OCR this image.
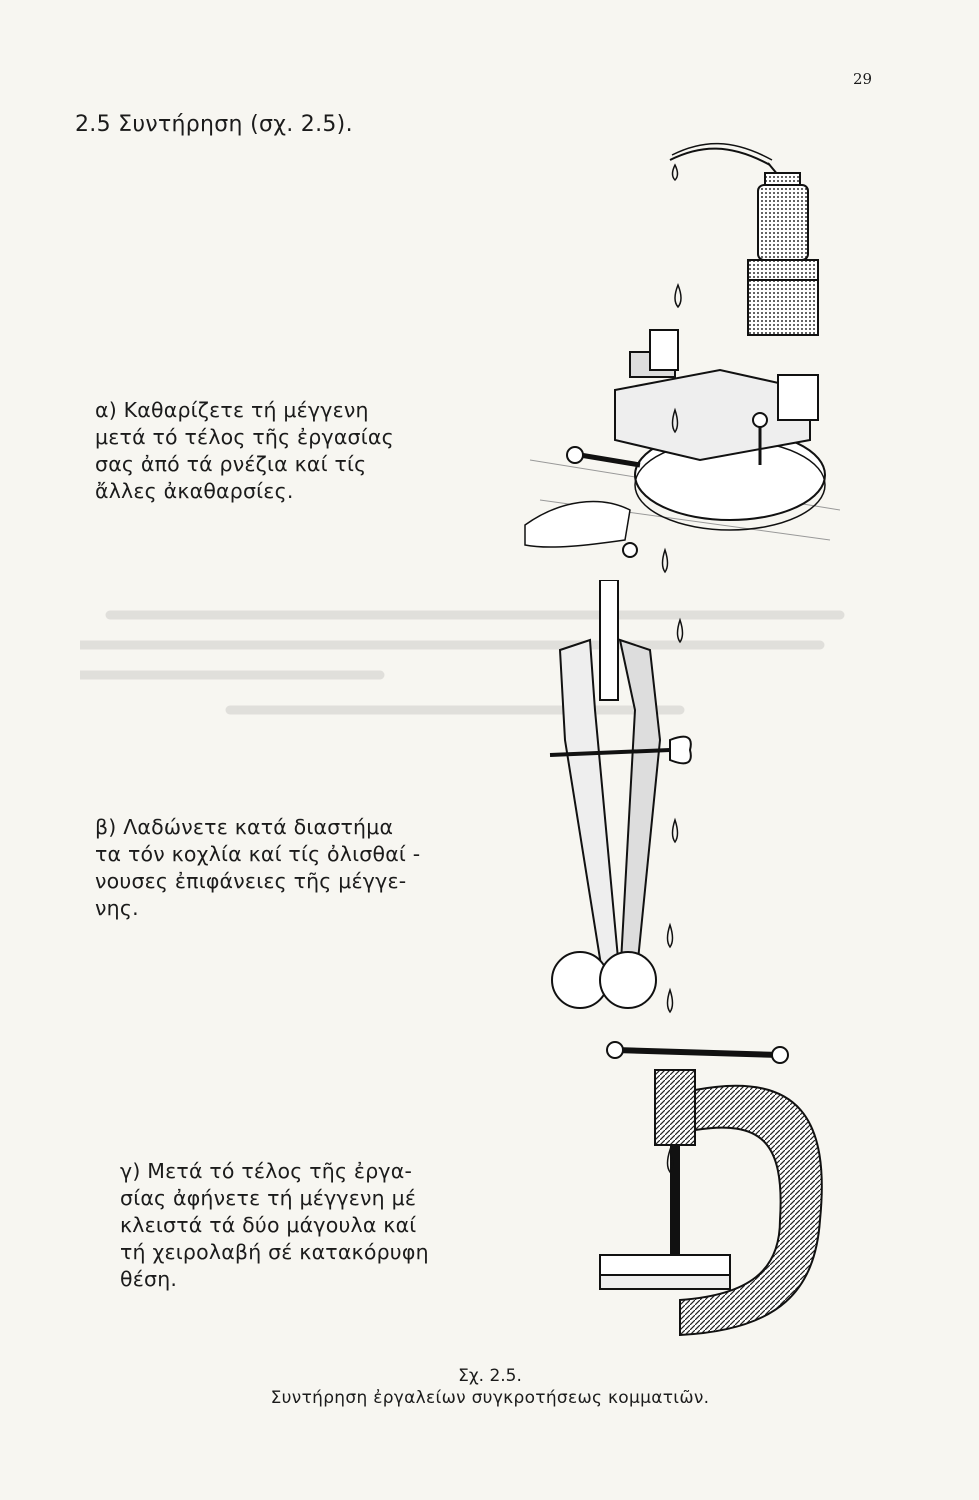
29
2.5 Συντήρηση (σχ. 2.5).
α) Καθαρίζετε τή μέγγενη
μετά τό τέλος τῆς ἐργασίας
σας ἀπό τά ρνέζια καί τίς
ἄλλες ἀκαθαρσίες.
β) Λαδώνετε κατά διαστήμα
τα τόν κοχλία καί τίς ὀλισθαί -
νουσες ἐπιφάνειες τῆς μέγγε-
νης.
γ) Μετά τό τέλος τῆς ἐργα-
σίας ἀφήνετε τή μέγγενη μέ
κλειστά τά δύο μάγουλα καί
τή χειρολαβή σέ κατακόρυφη
θέση.
Σχ. 2.5.
Συντήρηση ἐργαλείων συγκροτήσεως κομματιῶν.
